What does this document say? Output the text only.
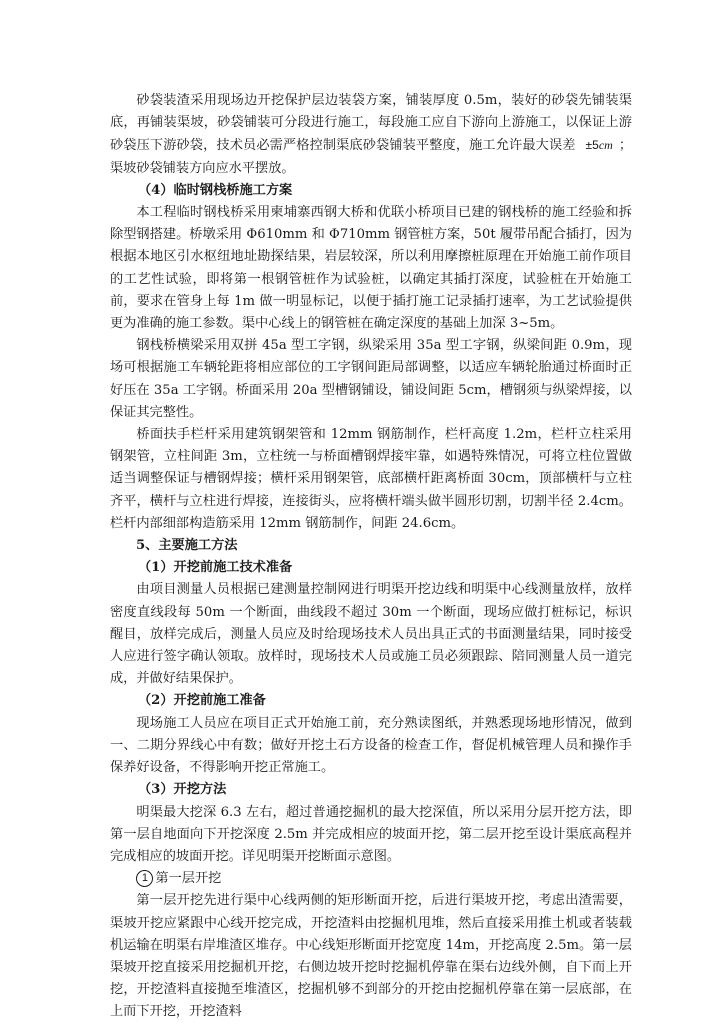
砂袋装渣采用现场边开挖保护层边装袋方案，铺装厚度 0.5m，装好的砂袋先铺装渠底，再铺装渠坡，砂袋铺装可分段进行施工，每段施工应自下游向上游施工，以保证上游砂袋压下游砂袋，技术员必需严格控制渠底砂袋铺装平整度，施工允许最大误差 ±5cm ；渠坡砂袋铺装方向应水平摆放。

（4）临时钢栈桥施工方案

本工程临时钢栈桥采用柬埔寨西钢大桥和优联小桥项目已建的钢栈桥的施工经验和拆除型钢搭建。桥墩采用 Φ610mm 和 Φ710mm 钢管桩方案，50t 履带吊配合插打，因为根据本地区引水枢纽地址勘探结果，岩层较深，所以利用摩擦桩原理在开始施工前作项目的工艺性试验，即将第一根钢管桩作为试验桩，以确定其插打深度，试验桩在开始施工前，要求在管身上每 1m 做一明显标记，以便于插打施工记录插打速率，为工艺试验提供更为准确的施工参数。渠中心线上的钢管桩在确定深度的基础上加深 3~5m。

钢栈桥横梁采用双拼 45a 型工字钢，纵梁采用 35a 型工字钢，纵梁间距 0.9m，现场可根据施工车辆轮距将相应部位的工字钢间距局部调整，以适应车辆轮胎通过桥面时正好压在 35a 工字钢。桥面采用 20a 型槽钢铺设，铺设间距 5cm，槽钢须与纵梁焊接，以保证其完整性。

桥面扶手栏杆采用建筑钢架管和 12mm 钢筋制作，栏杆高度 1.2m，栏杆立柱采用钢架管，立柱间距 3m，立柱统一与桥面槽钢焊接牢靠，如遇特殊情况，可将立柱位置做适当调整保证与槽钢焊接；横杆采用钢架管，底部横杆距离桥面 30cm，顶部横杆与立柱齐平，横杆与立柱进行焊接，连接街头，应将横杆端头做半圆形切割，切割半径 2.4cm。栏杆内部细部构造筋采用 12mm 钢筋制作，间距 24.6cm。

5、主要施工方法

（1）开挖前施工技术准备

由项目测量人员根据已建测量控制网进行明渠开挖边线和明渠中心线测量放样，放样密度直线段每 50m 一个断面，曲线段不超过 30m 一个断面，现场应做打桩标记，标识醒目，放样完成后，测量人员应及时给现场技术人员出具正式的书面测量结果，同时接受人应进行签字确认领取。放样时，现场技术人员或施工员必须跟踪、陪同测量人员一道完成，并做好结果保护。

（2）开挖前施工准备

现场施工人员应在项目正式开始施工前，充分熟读图纸，并熟悉现场地形情况，做到一、二期分界线心中有数；做好开挖土石方设备的检查工作，督促机械管理人员和操作手保养好设备，不得影响开挖正常施工。

（3）开挖方法

明渠最大挖深 6.3 左右，超过普通挖掘机的最大挖深值，所以采用分层开挖方法，即第一层自地面向下开挖深度 2.5m 并完成相应的坡面开挖，第二层开挖至设计渠底高程并完成相应的坡面开挖。详见明渠开挖断面示意图。

1 第一层开挖

第一层开挖先进行渠中心线两侧的矩形断面开挖，后进行渠坡开挖，考虑出渣需要，渠坡开挖应紧跟中心线开挖完成，开挖渣料由挖掘机甩堆，然后直接采用推土机或者装载机运输在明渠右岸堆渣区堆存。中心线矩形断面开挖宽度 14m，开挖高度 2.5m。第一层渠坡开挖直接采用挖掘机开挖，右侧边坡开挖时挖掘机停靠在渠右边线外侧，自下而上开挖，开挖渣料直接抛至堆渣区，挖掘机够不到部分的开挖由挖掘机停靠在第一层底部，在上而下开挖，开挖渣料
